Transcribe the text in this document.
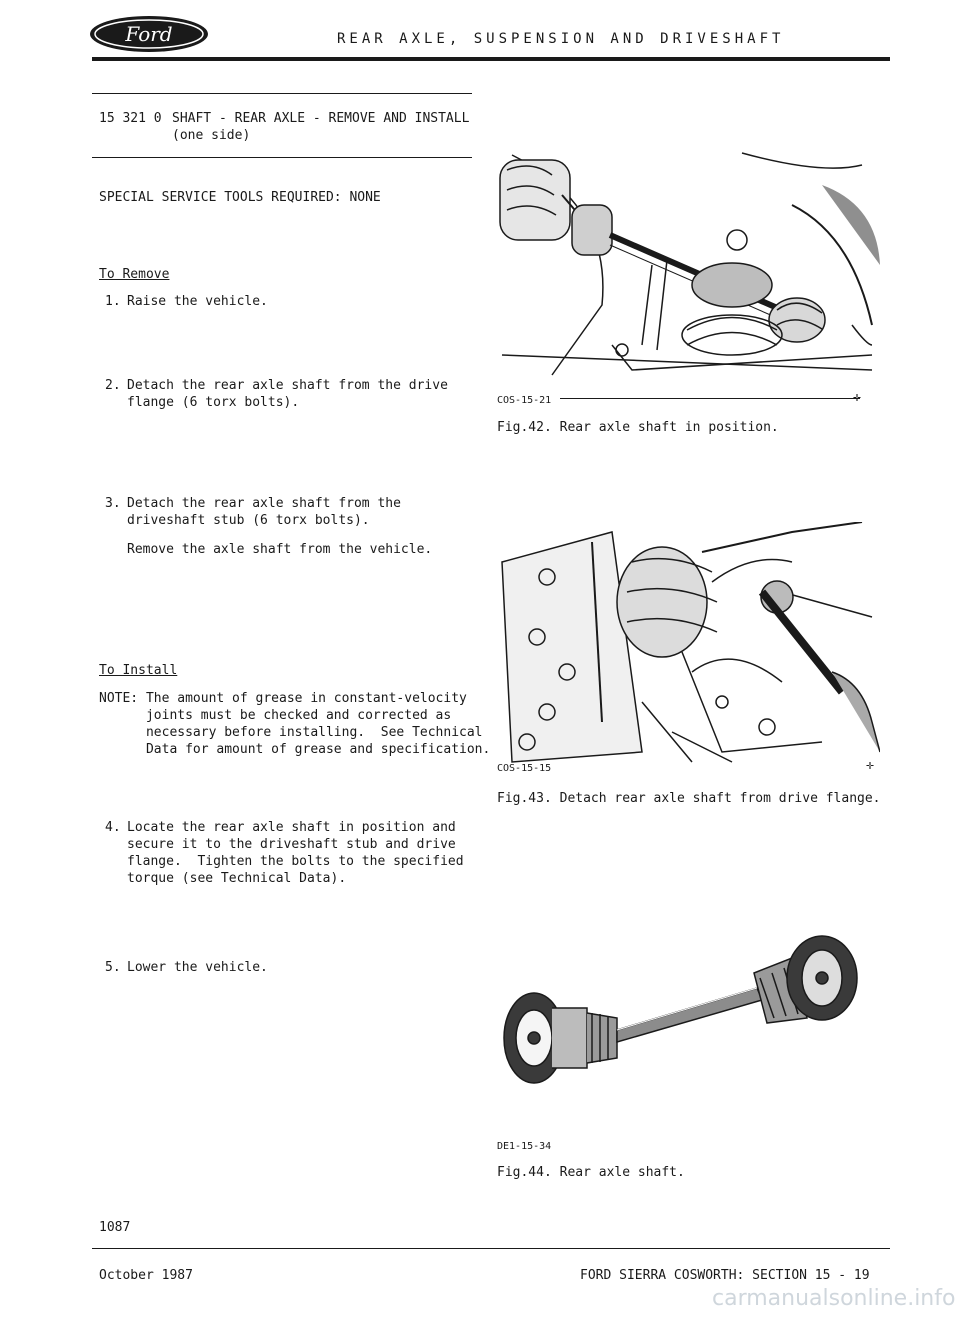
Ford	REAR AXLE, SUSPENSION AND DRIVESHAFT
15 321 0 SHAFT - REAR AXLE - REMOVE AND INSTALL
(one side)
SPECIAL SERVICE TOOLS REQUIRED: NONE
To Remove
1. Raise the vehicle.
2. Detach the rear axle shaft from the drive
flange (6 torx bolts).
3. Detach the rear axle shaft from the
driveshaft stub (6 torx bolts).
Remove the axle shaft from the vehicle.
To Install
NOTE: The amount of grease in constant-velocity
joints must be checked and corrected as
necessary before installing.  See Technical
Data for amount of grease and specification.
4. Locate the rear axle shaft in position and
secure it to the driveshaft stub and drive
flange.  Tighten the bolts to the specified
torque (see Technical Data).
5. Lower the vehicle.
COS-15-21	✛
Fig.42. Rear axle shaft in position.
COS-15-15	✛
Fig.43. Detach rear axle shaft from drive flange.
DE1-15-34
Fig.44. Rear axle shaft.
1087
October 1987	FORD SIERRA COSWORTH: SECTION 15 - 19
carmanualsonline.info
